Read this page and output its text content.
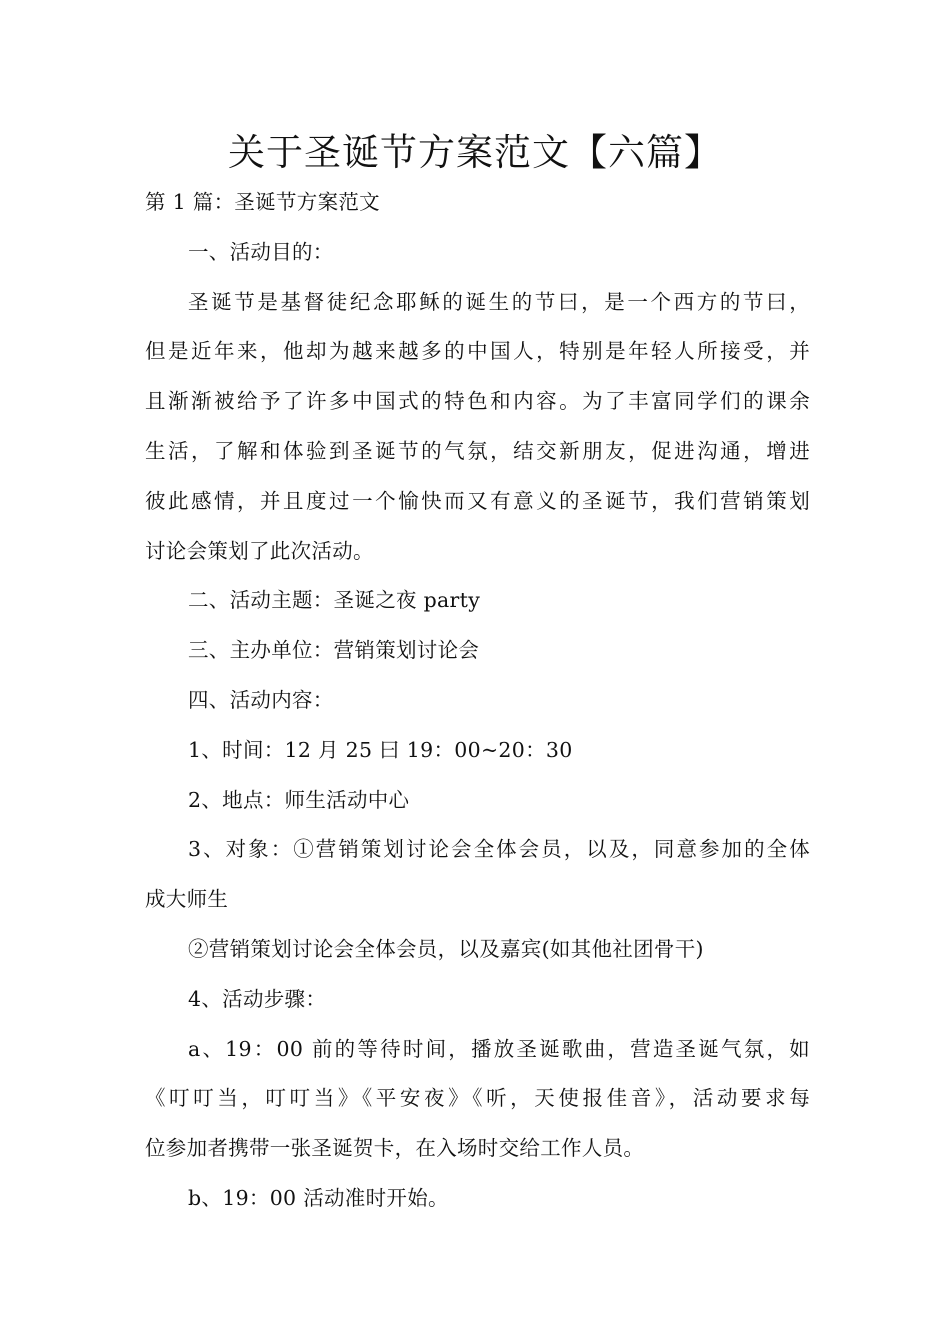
关于圣诞节方案范文【六篇】
第 1 篇：圣诞节方案范文
一、活动目的：
圣诞节是基督徒纪念耶稣的诞生的节曰，是一个西方的节曰，
但是近年来，他却为越来越多的中国人，特别是年轻人所接受，并
且渐渐被给予了许多中国式的特色和内容。为了丰富同学们的课余
生活，了解和体验到圣诞节的气氛，结交新朋友，促进沟通，增进
彼此感情，并且度过一个愉快而又有意义的圣诞节，我们营销策划
讨论会策划了此次活动。
二、活动主题：圣诞之夜 party
三、主办单位：营销策划讨论会
四、活动内容：
1、时间：12 月 25 曰 19：00~20：30
2、地点：师生活动中心
3、对象：①营销策划讨论会全体会员，以及，同意参加的全体
成大师生
②营销策划讨论会全体会员，以及嘉宾(如其他社团骨干)
4、活动步骤：
a、19：00 前的等待时间，播放圣诞歌曲，营造圣诞气氛，如
《叮叮当，叮叮当》《平安夜》《听，天使报佳音》，活动要求每
位参加者携带一张圣诞贺卡，在入场时交给工作人员。
b、19：00 活动准时开始。
